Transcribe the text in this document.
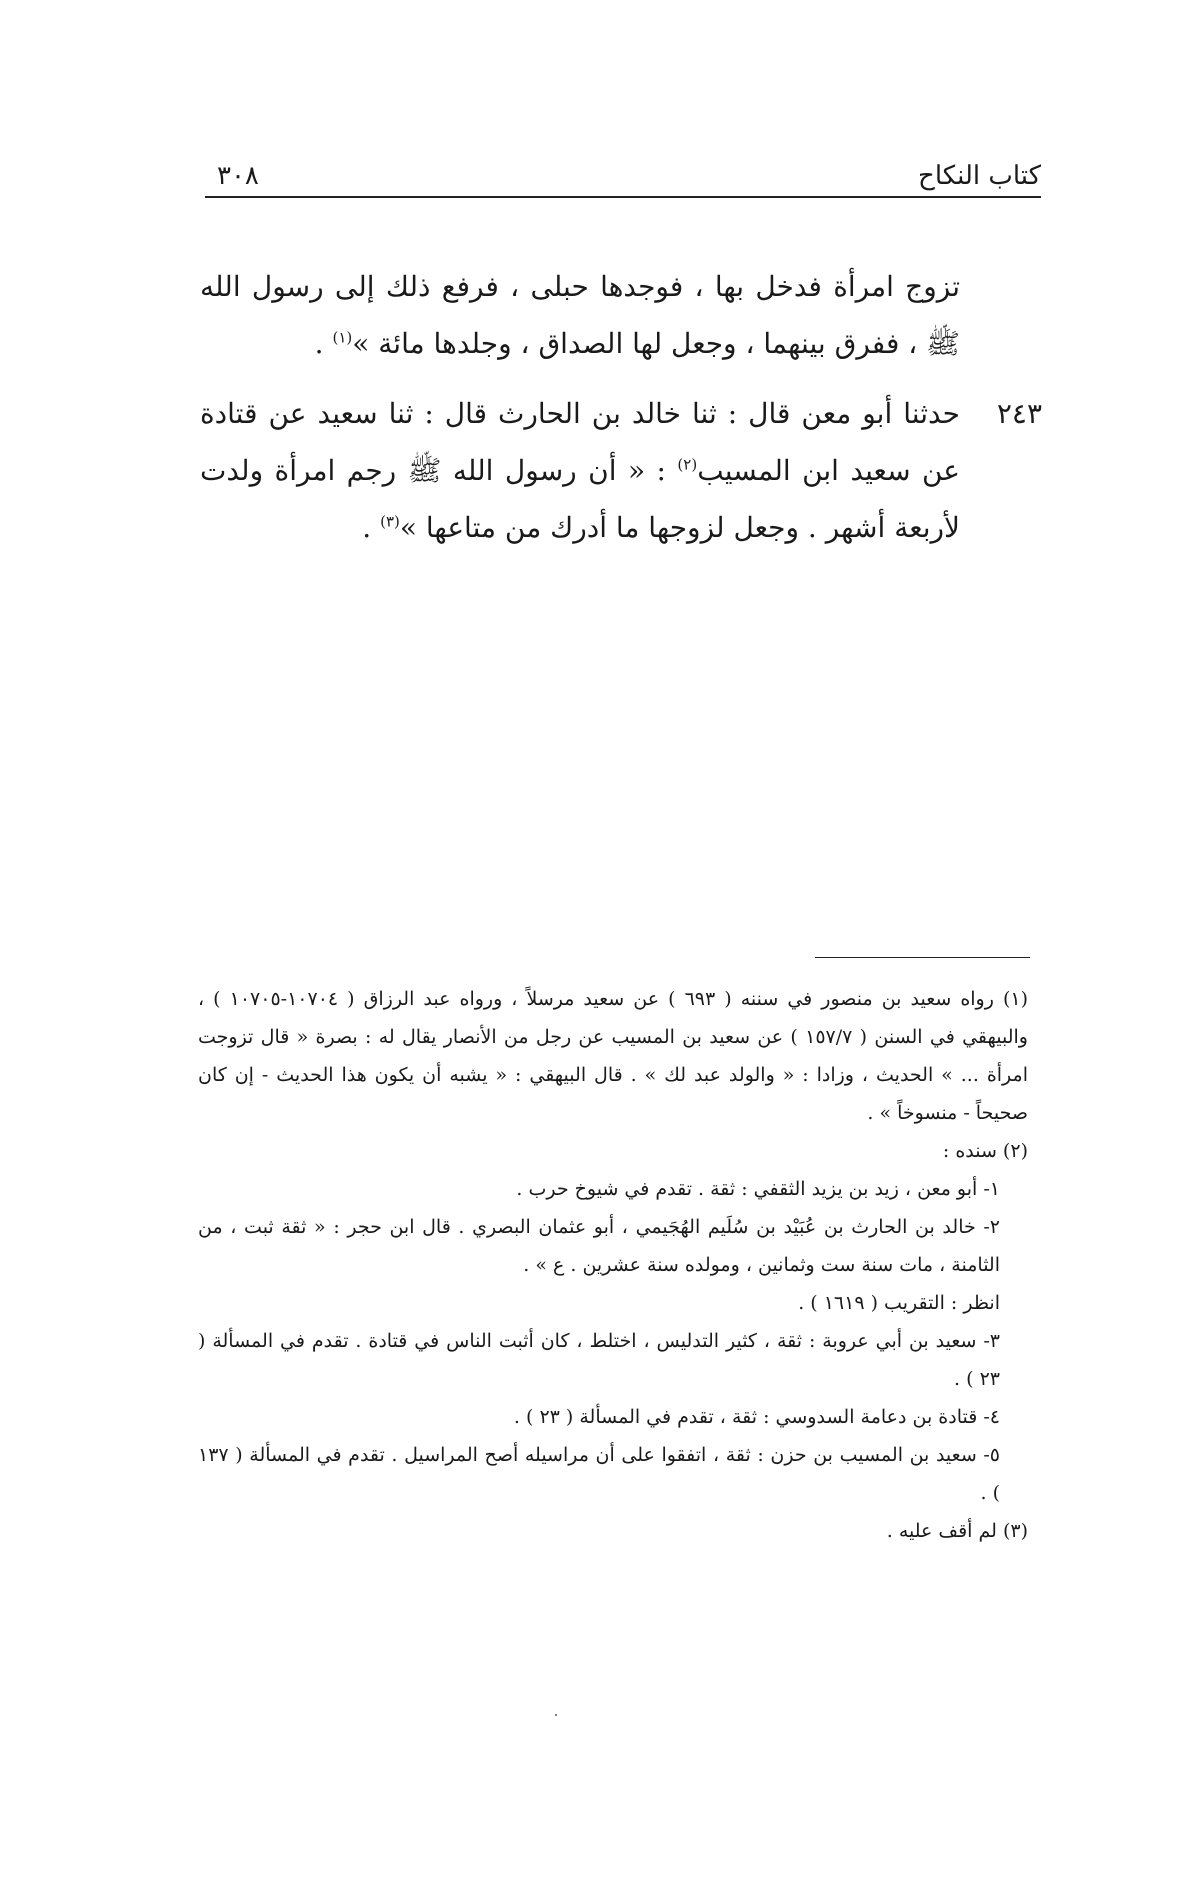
كتاب النكاح
٣٠٨

تزوج امرأة فدخل بها ، فوجدها حبلى ، فرفع ذلك إلى رسول الله ﷺ ، ففرق بينهما ، وجعل لها الصداق ، وجلدها مائة »$^{(١)}$ .

٢٤٣

حدثنا أبو معن قال : ثنا خالد بن الحارث قال : ثنا سعيد عن قتادة عن سعيد ابن المسيب$^{(٢)}$ : « أن رسول الله ﷺ رجم امرأة ولدت لأربعة أشهر . وجعل لزوجها ما أدرك من متاعها »$^{(٣)}$ .

(١) رواه سعيد بن منصور في سننه ( ٦٩٣ ) عن سعيد مرسلاً ، ورواه عبد الرزاق ( ١٠٧٠٤-١٠٧٠٥ ) ، والبيهقي في السنن ( ١٥٧/٧ ) عن سعيد بن المسيب عن رجل من الأنصار يقال له : بصرة « قال تزوجت امرأة ... » الحديث ، وزادا : « والولد عبد لك » . قال البيهقي : « يشبه أن يكون هذا الحديث - إن كان صحيحاً - منسوخاً » .

(٢) سنده :

١- أبو معن ، زيد بن يزيد الثقفي : ثقة . تقدم في شيوخ حرب .

٢- خالد بن الحارث بن عُبَيْد بن سُلَيم الهُجَيمي ، أبو عثمان البصري . قال ابن حجر : « ثقة ثبت ، من الثامنة ، مات سنة ست وثمانين ، ومولده سنة عشرين . ع » .

انظر : التقريب ( ١٦١٩ ) .

٣- سعيد بن أبي عروبة : ثقة ، كثير التدليس ، اختلط ، كان أثبت الناس في قتادة . تقدم في المسألة ( ٢٣ ) .

٤- قتادة بن دعامة السدوسي : ثقة ، تقدم في المسألة ( ٢٣ ) .

٥- سعيد بن المسيب بن حزن : ثقة ، اتفقوا على أن مراسيله أصح المراسيل . تقدم في المسألة ( ١٣٧ ) .

(٣) لم أقف عليه .
